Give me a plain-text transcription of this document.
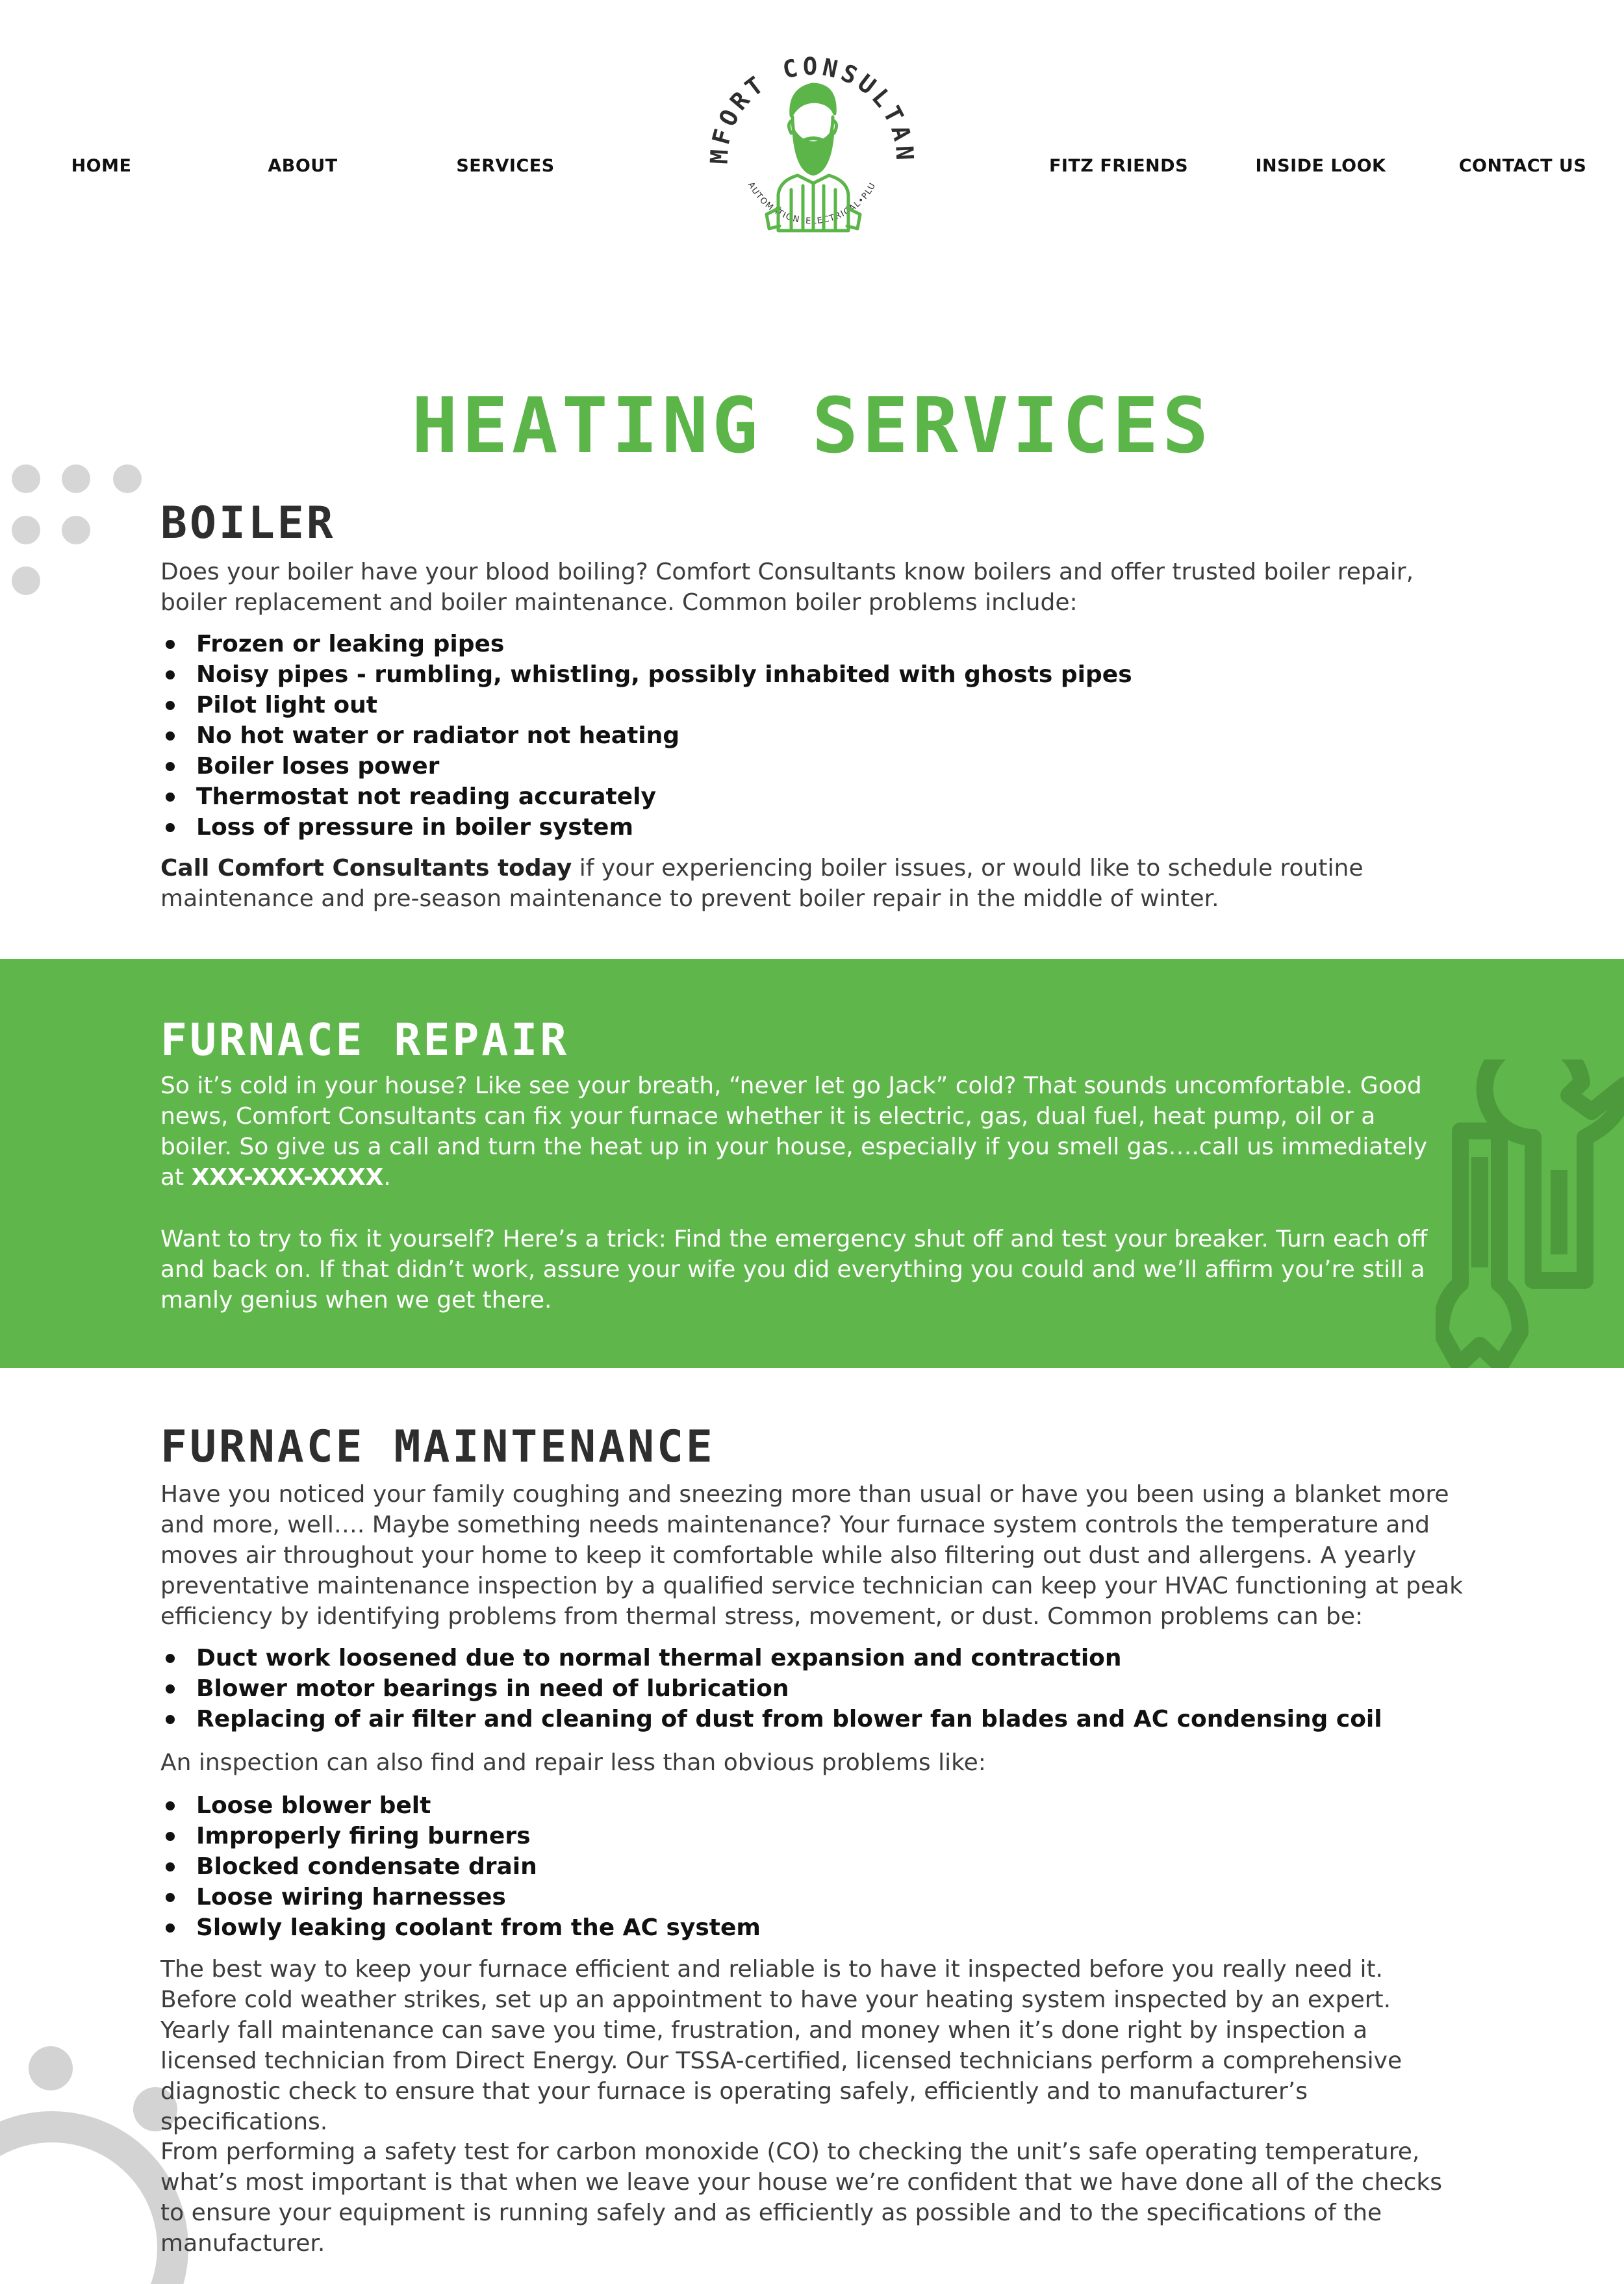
HOME	ABOUT	SERVICES	FITZ FRIENDS	INSIDE LOOK	CONTACT US
MFORT CONSULTAN
AUTOMATION•ELECTRICAL•PLU
HEATING SERVICES
BOILER

Does your boiler have your blood boiling? Comfort Consultants know boilers and offer trusted boiler repair, boiler replacement and boiler maintenance. Common boiler problems include:

Frozen or leaking pipes
Noisy pipes - rumbling, whistling, possibly inhabited with ghosts pipes
Pilot light out
No hot water or radiator not heating
Boiler loses power
Thermostat not reading accurately
Loss of pressure in boiler system

Call Comfort Consultants today if your experiencing boiler issues, or would like to schedule routine maintenance and pre-season maintenance to prevent boiler repair in the middle of winter.

FURNACE REPAIR

So it’s cold in your house? Like see your breath, “never let go Jack” cold? That sounds uncomfortable. Good news, Comfort Consultants can fix your furnace whether it is electric, gas, dual fuel, heat pump, oil or a boiler. So give us a call and turn the heat up in your house, especially if you smell gas….call us immediately at XXX-XXX-XXXX.

Want to try to fix it yourself? Here’s a trick: Find the emergency shut off and test your breaker. Turn each off and back on. If that didn’t work, assure your wife you did everything you could and we’ll affirm you’re still a manly genius when we get there.

FURNACE MAINTENANCE

Have you noticed your family coughing and sneezing more than usual or have you been using a blanket more and more, well…. Maybe something needs maintenance? Your furnace system controls the temperature and moves air throughout your home to keep it comfortable while also filtering out dust and allergens. A yearly preventative maintenance inspection by a qualified service technician can keep your HVAC functioning at peak efficiency by identifying problems from thermal stress, movement, or dust. Common problems can be:

Duct work loosened due to normal thermal expansion and contraction
Blower motor bearings in need of lubrication
Replacing of air filter and cleaning of dust from blower fan blades and AC condensing coil

An inspection can also find and repair less than obvious problems like:

Loose blower belt
Improperly firing burners
Blocked condensate drain
Loose wiring harnesses
Slowly leaking coolant from the AC system

The best way to keep your furnace efficient and reliable is to have it inspected before you really need it. Before cold weather strikes, set up an appointment to have your heating system inspected by an expert. Yearly fall maintenance can save you time, frustration, and money when it’s done right by inspection a licensed technician from Direct Energy. Our TSSA-certified, licensed technicians perform a comprehensive diagnostic check to ensure that your furnace is operating safely, efficiently and to manufacturer’s specifications.

From performing a safety test for carbon monoxide (CO) to checking the unit’s safe operating temperature, what’s most important is that when we leave your house we’re confident that we have done all of the checks to ensure your equipment is running safely and as efficiently as possible and to the specifications of the manufacturer.
